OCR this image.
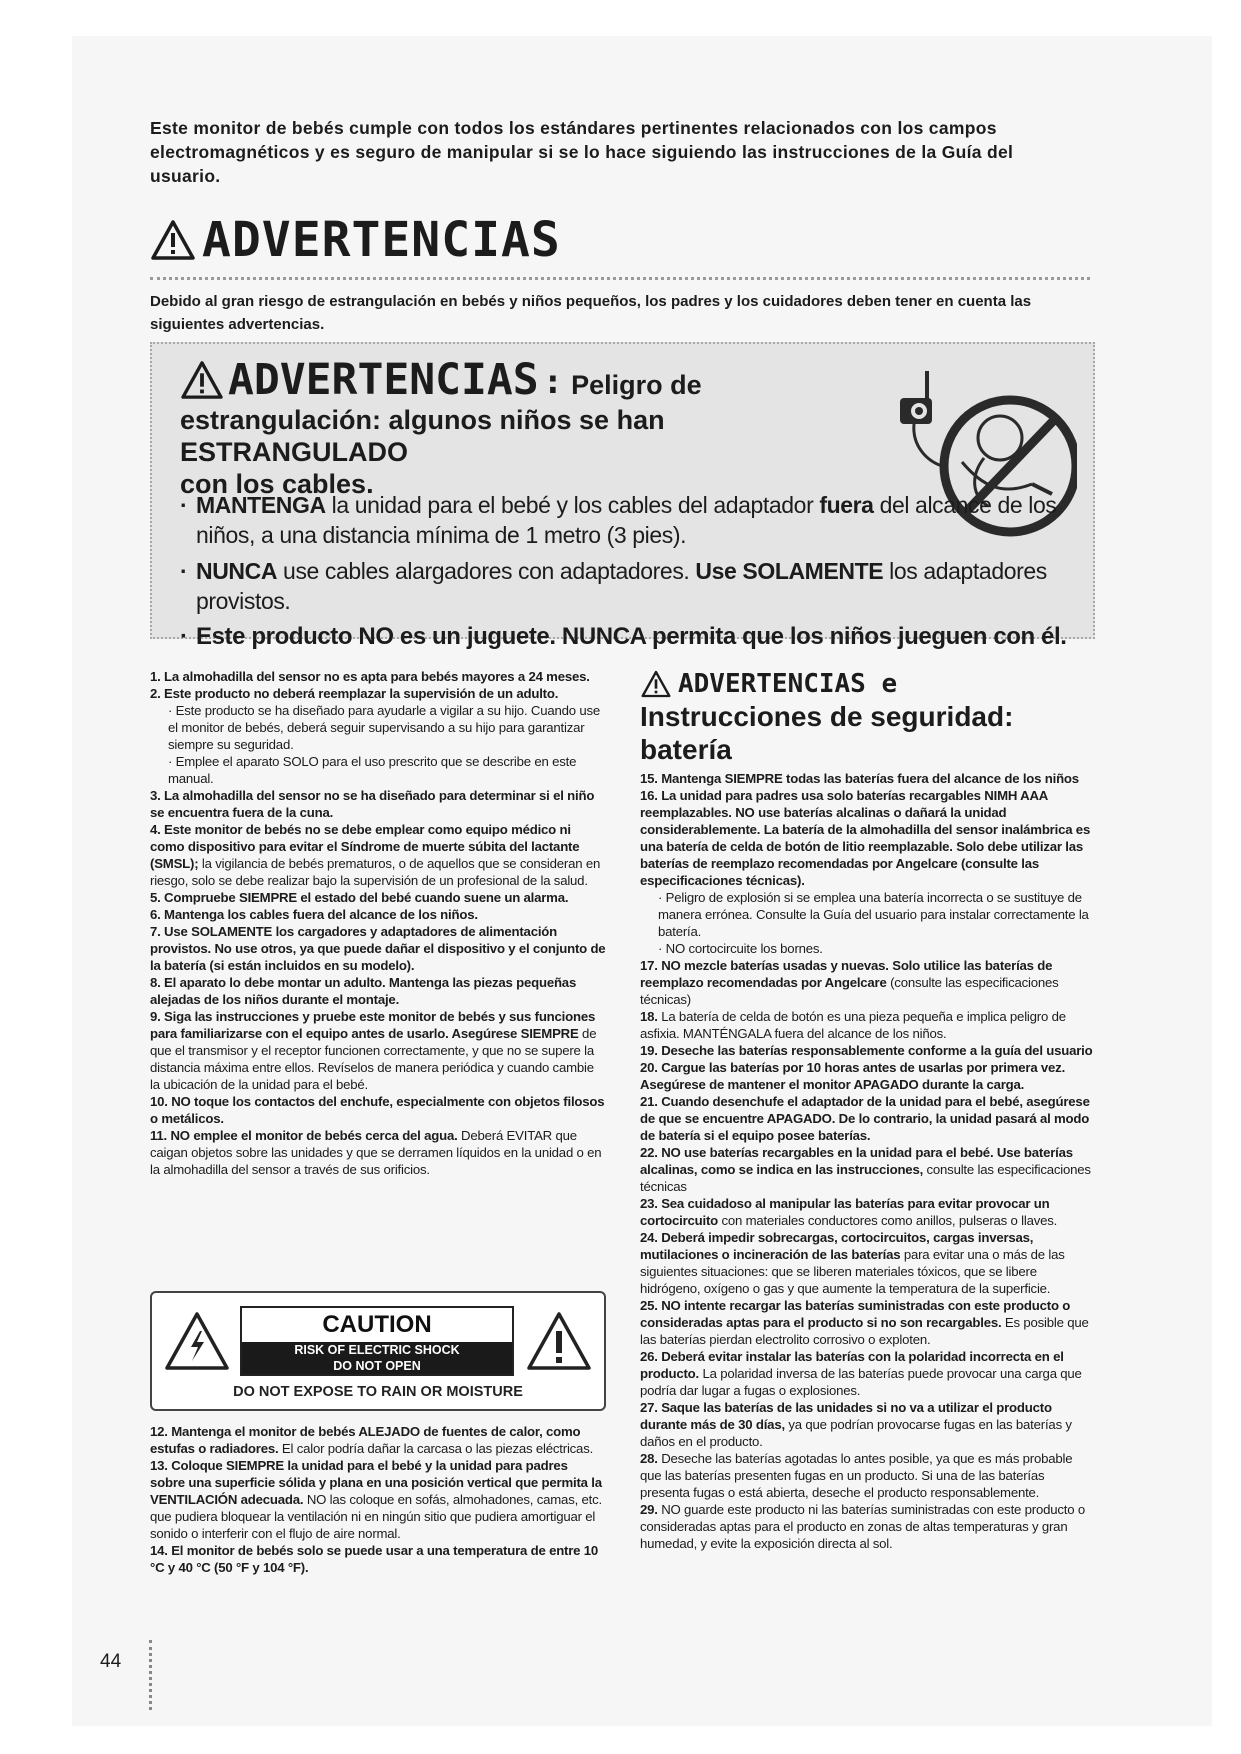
Este monitor de bebés cumple con todos los estándares pertinentes relacionados con los campos electromagnéticos y es seguro de manipular si se lo hace siguiendo las instrucciones de la Guía del usuario.
ADVERTENCIAS
Debido al gran riesgo de estrangulación en bebés y niños pequeños, los padres y los cuidadores deben tener en cuenta las siguientes advertencias.
ADVERTENCIAS : Peligro de
estrangulación: algunos niños se han ESTRANGULADO
con los cables.
· MANTENGA la unidad para el bebé y los cables del adaptador fuera del alcance de los niños, a una distancia mínima de 1 metro (3 pies).
· NUNCA use cables alargadores con adaptadores. Use SOLAMENTE los adaptadores provistos.
· Este producto NO es un juguete. NUNCA permita que los niños jueguen con él.

1. La almohadilla del sensor no es apta para bebés mayores a 24 meses.

2. Este producto no deberá reemplazar la supervisión de un adulto.

· Este producto se ha diseñado para ayudarle a vigilar a su hijo. Cuando use el monitor de bebés, deberá seguir supervisando a su hijo para garantizar siempre su seguridad.

· Emplee el aparato SOLO para el uso prescrito que se describe en este manual.

3. La almohadilla del sensor no se ha diseñado para determinar si el niño se encuentra fuera de la cuna.

4. Este monitor de bebés no se debe emplear como equipo médico ni como dispositivo para evitar el Síndrome de muerte súbita del lactante (SMSL); la vigilancia de bebés prematuros, o de aquellos que se consideran en riesgo, solo se debe realizar bajo la supervisión de un profesional de la salud.

5. Compruebe SIEMPRE el estado del bebé cuando suene un alarma.

6. Mantenga los cables fuera del alcance de los niños.

7. Use SOLAMENTE los cargadores y adaptadores de alimentación provistos. No use otros, ya que puede dañar el dispositivo y el conjunto de la batería (si están incluidos en su modelo).

8. El aparato lo debe montar un adulto. Mantenga las piezas pequeñas alejadas de los niños durante el montaje.

9. Siga las instrucciones y pruebe este monitor de bebés y sus funciones para familiarizarse con el equipo antes de usarlo. Asegúrese SIEMPRE de que el transmisor y el receptor funcionen correctamente, y que no se supere la distancia máxima entre ellos. Revíselos de manera periódica y cuando cambie la ubicación de la unidad para el bebé.

10. NO toque los contactos del enchufe, especialmente con objetos filosos o metálicos.

11. NO emplee el monitor de bebés cerca del agua. Deberá EVITAR que caigan objetos sobre las unidades y que se derramen líquidos en la unidad o en la almohadilla del sensor a través de sus orificios.

CAUTION
RISK OF ELECTRIC SHOCK
DO NOT OPEN
DO NOT EXPOSE TO RAIN OR MOISTURE

12. Mantenga el monitor de bebés ALEJADO de fuentes de calor, como estufas o radiadores. El calor podría dañar la carcasa o las piezas eléctricas.

13. Coloque SIEMPRE la unidad para el bebé y la unidad para padres sobre una superficie sólida y plana en una posición vertical que permita la VENTILACIÓN adecuada. NO las coloque en sofás, almohadones, camas, etc. que pudiera bloquear la ventilación ni en ningún sitio que pudiera amortiguar el sonido o interferir con el flujo de aire normal.

14. El monitor de bebés solo se puede usar a una temperatura de entre 10 °C y 40 °C (50 °F y 104 °F).

ADVERTENCIAS e
Instrucciones de seguridad:
batería

15. Mantenga SIEMPRE todas las baterías fuera del alcance de los niños

16. La unidad para padres usa solo baterías recargables NIMH AAA reemplazables. NO use baterías alcalinas o dañará la unidad considerablemente. La batería de la almohadilla del sensor inalámbrica es una batería de celda de botón de litio reemplazable. Solo debe utilizar las baterías de reemplazo recomendadas por Angelcare (consulte las especificaciones técnicas).

· Peligro de explosión si se emplea una batería incorrecta o se sustituye de manera errónea. Consulte la Guía del usuario para instalar correctamente la batería.

· NO cortocircuite los bornes.

17. NO mezcle baterías usadas y nuevas. Solo utilice las baterías de reemplazo recomendadas por Angelcare (consulte las especificaciones técnicas)

18. La batería de celda de botón es una pieza pequeña e implica peligro de asfixia. MANTÉNGALA fuera del alcance de los niños.

19. Deseche las baterías responsablemente conforme a la guía del usuario

20. Cargue las baterías por 10 horas antes de usarlas por primera vez. Asegúrese de mantener el monitor APAGADO durante la carga.

21. Cuando desenchufe el adaptador de la unidad para el bebé, asegúrese de que se encuentre APAGADO. De lo contrario, la unidad pasará al modo de batería si el equipo posee baterías.

22. NO use baterías recargables en la unidad para el bebé. Use baterías alcalinas, como se indica en las instrucciones, consulte las especificaciones técnicas

23. Sea cuidadoso al manipular las baterías para evitar provocar un cortocircuito con materiales conductores como anillos, pulseras o llaves.

24. Deberá impedir sobrecargas, cortocircuitos, cargas inversas, mutilaciones o incineración de las baterías para evitar una o más de las siguientes situaciones: que se liberen materiales tóxicos, que se libere hidrógeno, oxígeno o gas y que aumente la temperatura de la superficie.

25. NO intente recargar las baterías suministradas con este producto o consideradas aptas para el producto si no son recargables. Es posible que las baterías pierdan electrolito corrosivo o exploten.

26. Deberá evitar instalar las baterías con la polaridad incorrecta en el producto. La polaridad inversa de las baterías puede provocar una carga que podría dar lugar a fugas o explosiones.

27. Saque las baterías de las unidades si no va a utilizar el producto durante más de 30 días, ya que podrían provocarse fugas en las baterías y daños en el producto.

28. Deseche las baterías agotadas lo antes posible, ya que es más probable que las baterías presenten fugas en un producto. Si una de las baterías presenta fugas o está abierta, deseche el producto responsablemente.

29. NO guarde este producto ni las baterías suministradas con este producto o consideradas aptas para el producto en zonas de altas temperaturas y gran humedad, y evite la exposición directa al sol.

44
